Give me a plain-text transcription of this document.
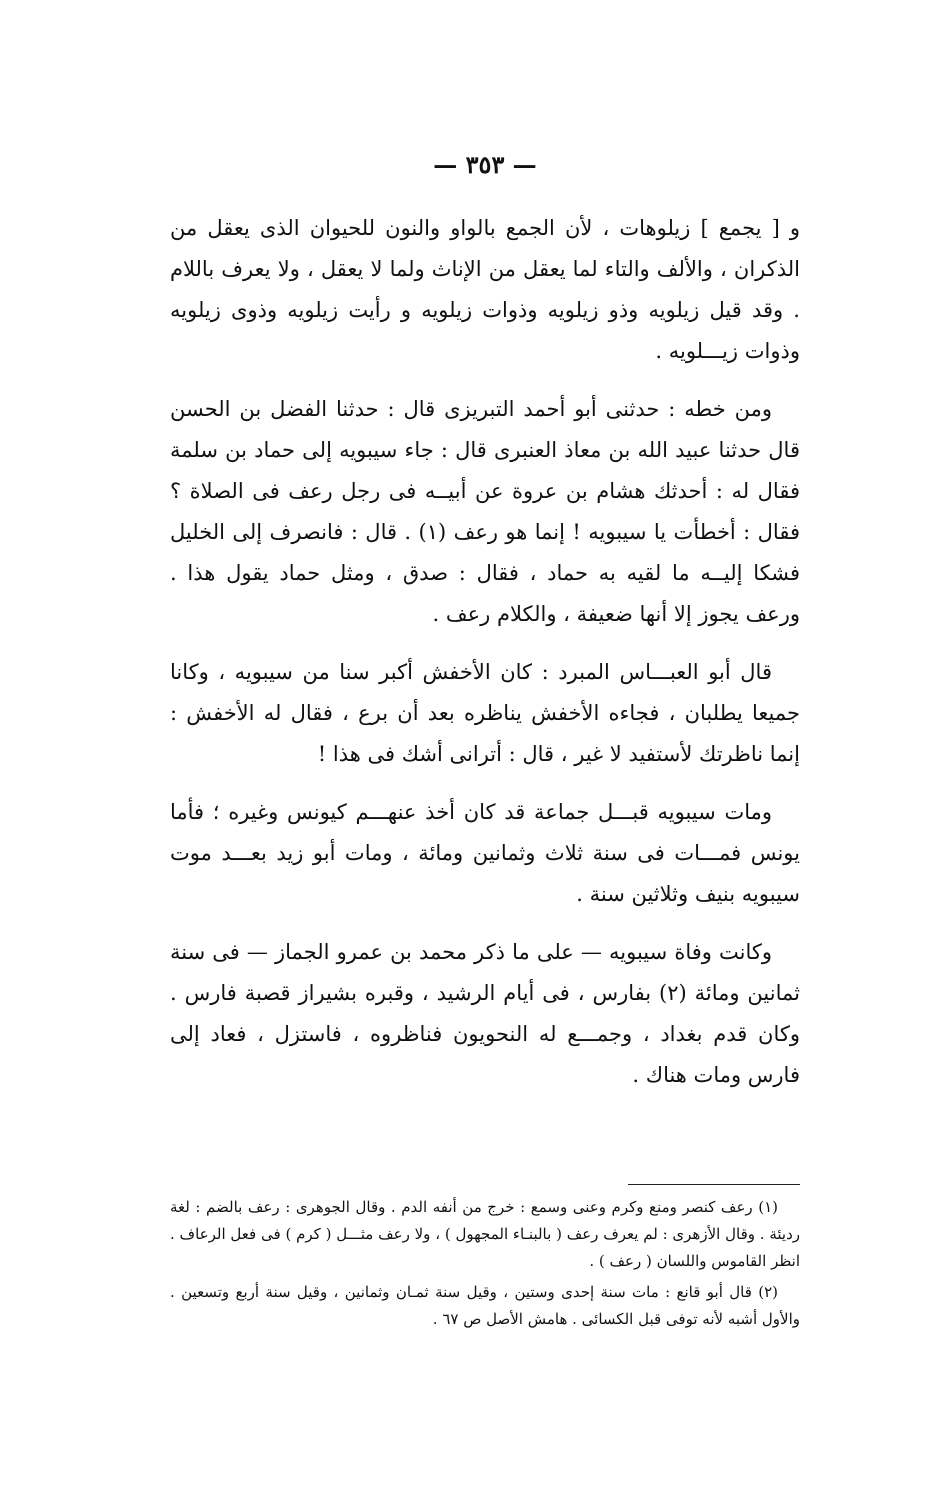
— ٣٥٣ —

و [ يجمع ] زيلوهات ، لأن الجمع بالواو والنون للحيوان الذى يعقل من الذكران ، والألف والتاء لما يعقل من الإناث ولما لا يعقل ، ولا يعرف باللام . وقد قيل زيلويه وذو زيلويه وذوات زيلويه و رأيت زيلويه وذوى زيلويه وذوات زيـــلويه .

ومن خطه : حدثنى أبو أحمد التبريزى قال : حدثنا الفضل بن الحسن قال حدثنا عبيد الله بن معاذ العنبرى قال : جاء سيبويه إلى حماد بن سلمة فقال له : أحدثك هشام بن عروة عن أبيــه فى رجل رعف فى الصلاة ؟ فقال : أخطأت يا سيبويه ! إنما هو رعف (١) . قال : فانصرف إلى الخليل فشكا إليــه ما لقيه به حماد ، فقال : صدق ، ومثل حماد يقول هذا . ورعف يجوز إلا أنها ضعيفة ، والكلام رعف .

قال أبو العبـــاس المبرد : كان الأخفش أكبر سنا من سيبويه ، وكانا جميعا يطلبان ، فجاءه الأخفش يناظره بعد أن برع ، فقال له الأخفش : إنما ناظرتك لأستفيد لا غير ، قال : أترانى أشك فى هذا !

ومات سيبويه قبـــل جماعة قد كان أخذ عنهـــم كيونس وغيره ؛ فأما يونس فمـــات فى سنة ثلاث وثمانين ومائة ، ومات أبو زيد بعـــد موت سيبويه بنيف وثلاثين سنة .

وكانت وفاة سيبويه — على ما ذكر محمد بن عمرو الجماز — فى سنة ثمانين ومائة (٢) بفارس ، فى أيام الرشيد ، وقبره بشيراز قصبة فارس . وكان قدم بغداد ، وجمـــع له النحويون فناظروه ، فاستزل ، فعاد إلى فارس ومات هناك .

(١) رعف كنصر ومنع وكرم وعنى وسمع : خرج من أنفه الدم . وقال الجوهرى : رعف بالضم : لغة رديئة . وقال الأزهرى : لم يعرف رعف ( بالبنـاء المجهول ) ، ولا رعف مثـــل ( كرم ) فى فعل الرعاف . انظر القاموس واللسان ( رعف ) .

(٢) قال أبو قانع : مات سنة إحدى وستين ، وقيل سنة ثمـان وثمانين ، وقيل سنة أربع وتسعين . والأول أشبه لأنه توفى قبل الكسائى . هامش الأصل ص ٦٧ .
